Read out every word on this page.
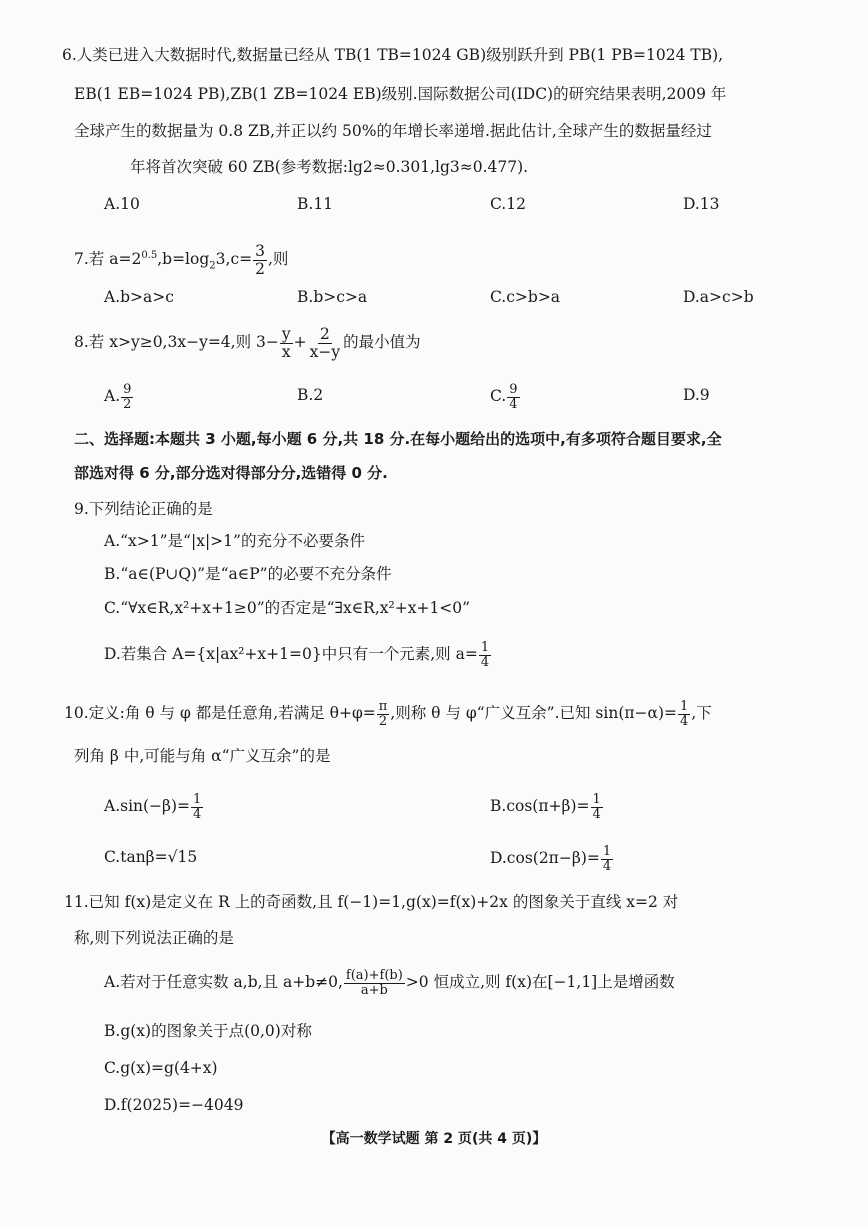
6.人类已进入大数据时代,数据量已经从 TB(1 TB=1024 GB)级别跃升到 PB(1 PB=1024 TB),
EB(1 EB=1024 PB),ZB(1 ZB=1024 EB)级别.国际数据公司(IDC)的研究结果表明,2009 年
全球产生的数据量为 0.8 ZB,并正以约 50%的年增长率递增.据此估计,全球产生的数据量经过
年将首次突破 60 ZB(参考数据:lg2≈0.301,lg3≈0.477).
A.10	B.11	C.12	D.13
7.若 $a=2^{0.5},b=\log_23,c= \frac{3}{2}$ ,则
A.b>a>c	B.b>c>a	C.c>b>a	D.a>c>b
8.若 x>y≥0,3x−y=4,则 $3- \frac{y}{x} + \frac{2}{x-y}$ 的最小值为
A. $\frac{9}{2}$	B.2	C. $\frac{9}{4}$	D.9
二、选择题:本题共 3 小题,每小题 6 分,共 18 分.在每小题给出的选项中,有多项符合题目要求,全
部选对得 6 分,部分选对得部分分,选错得 0 分.
9.下列结论正确的是
A.“x>1”是“|x|>1”的充分不必要条件
B.“a∈(P∪Q)”是“a∈P”的必要不充分条件
C.“∀x∈R,x²+x+1≥0”的否定是“∃x∈R,x²+x+1<0”
D.若集合 A={x|ax²+x+1=0}中只有一个元素,则 $a= \frac{1}{4}$
10.定义:角 θ 与 φ 都是任意角,若满足 $\theta+\varphi= \frac{\pi}{2}$ ,则称 θ 与 φ“广义互余”.已知 $\sin(\pi-\alpha)= \frac{1}{4}$ ,下
列角 β 中,可能与角 α“广义互余”的是
$A.\sin(-\beta)= \frac{1}{4}$	$B.\cos(\pi+\beta)= \frac{1}{4}$
C.tanβ=√15	$D.\cos(2\pi-\beta)= \frac{1}{4}$
11.已知 f(x)是定义在 R 上的奇函数,且 f(−1)=1,g(x)=f(x)+2x 的图象关于直线 x=2 对
称,则下列说法正确的是
A.若对于任意实数 a,b,且 a+b≠0, $\frac{f(a)+f(b)}{a+b} >0$ 恒成立,则 f(x)在[−1,1]上是增函数
B.g(x)的图象关于点(0,0)对称
C.g(x)=g(4+x)
D.f(2025)=−4049
【高一数学试题 第 2 页(共 4 页)】
